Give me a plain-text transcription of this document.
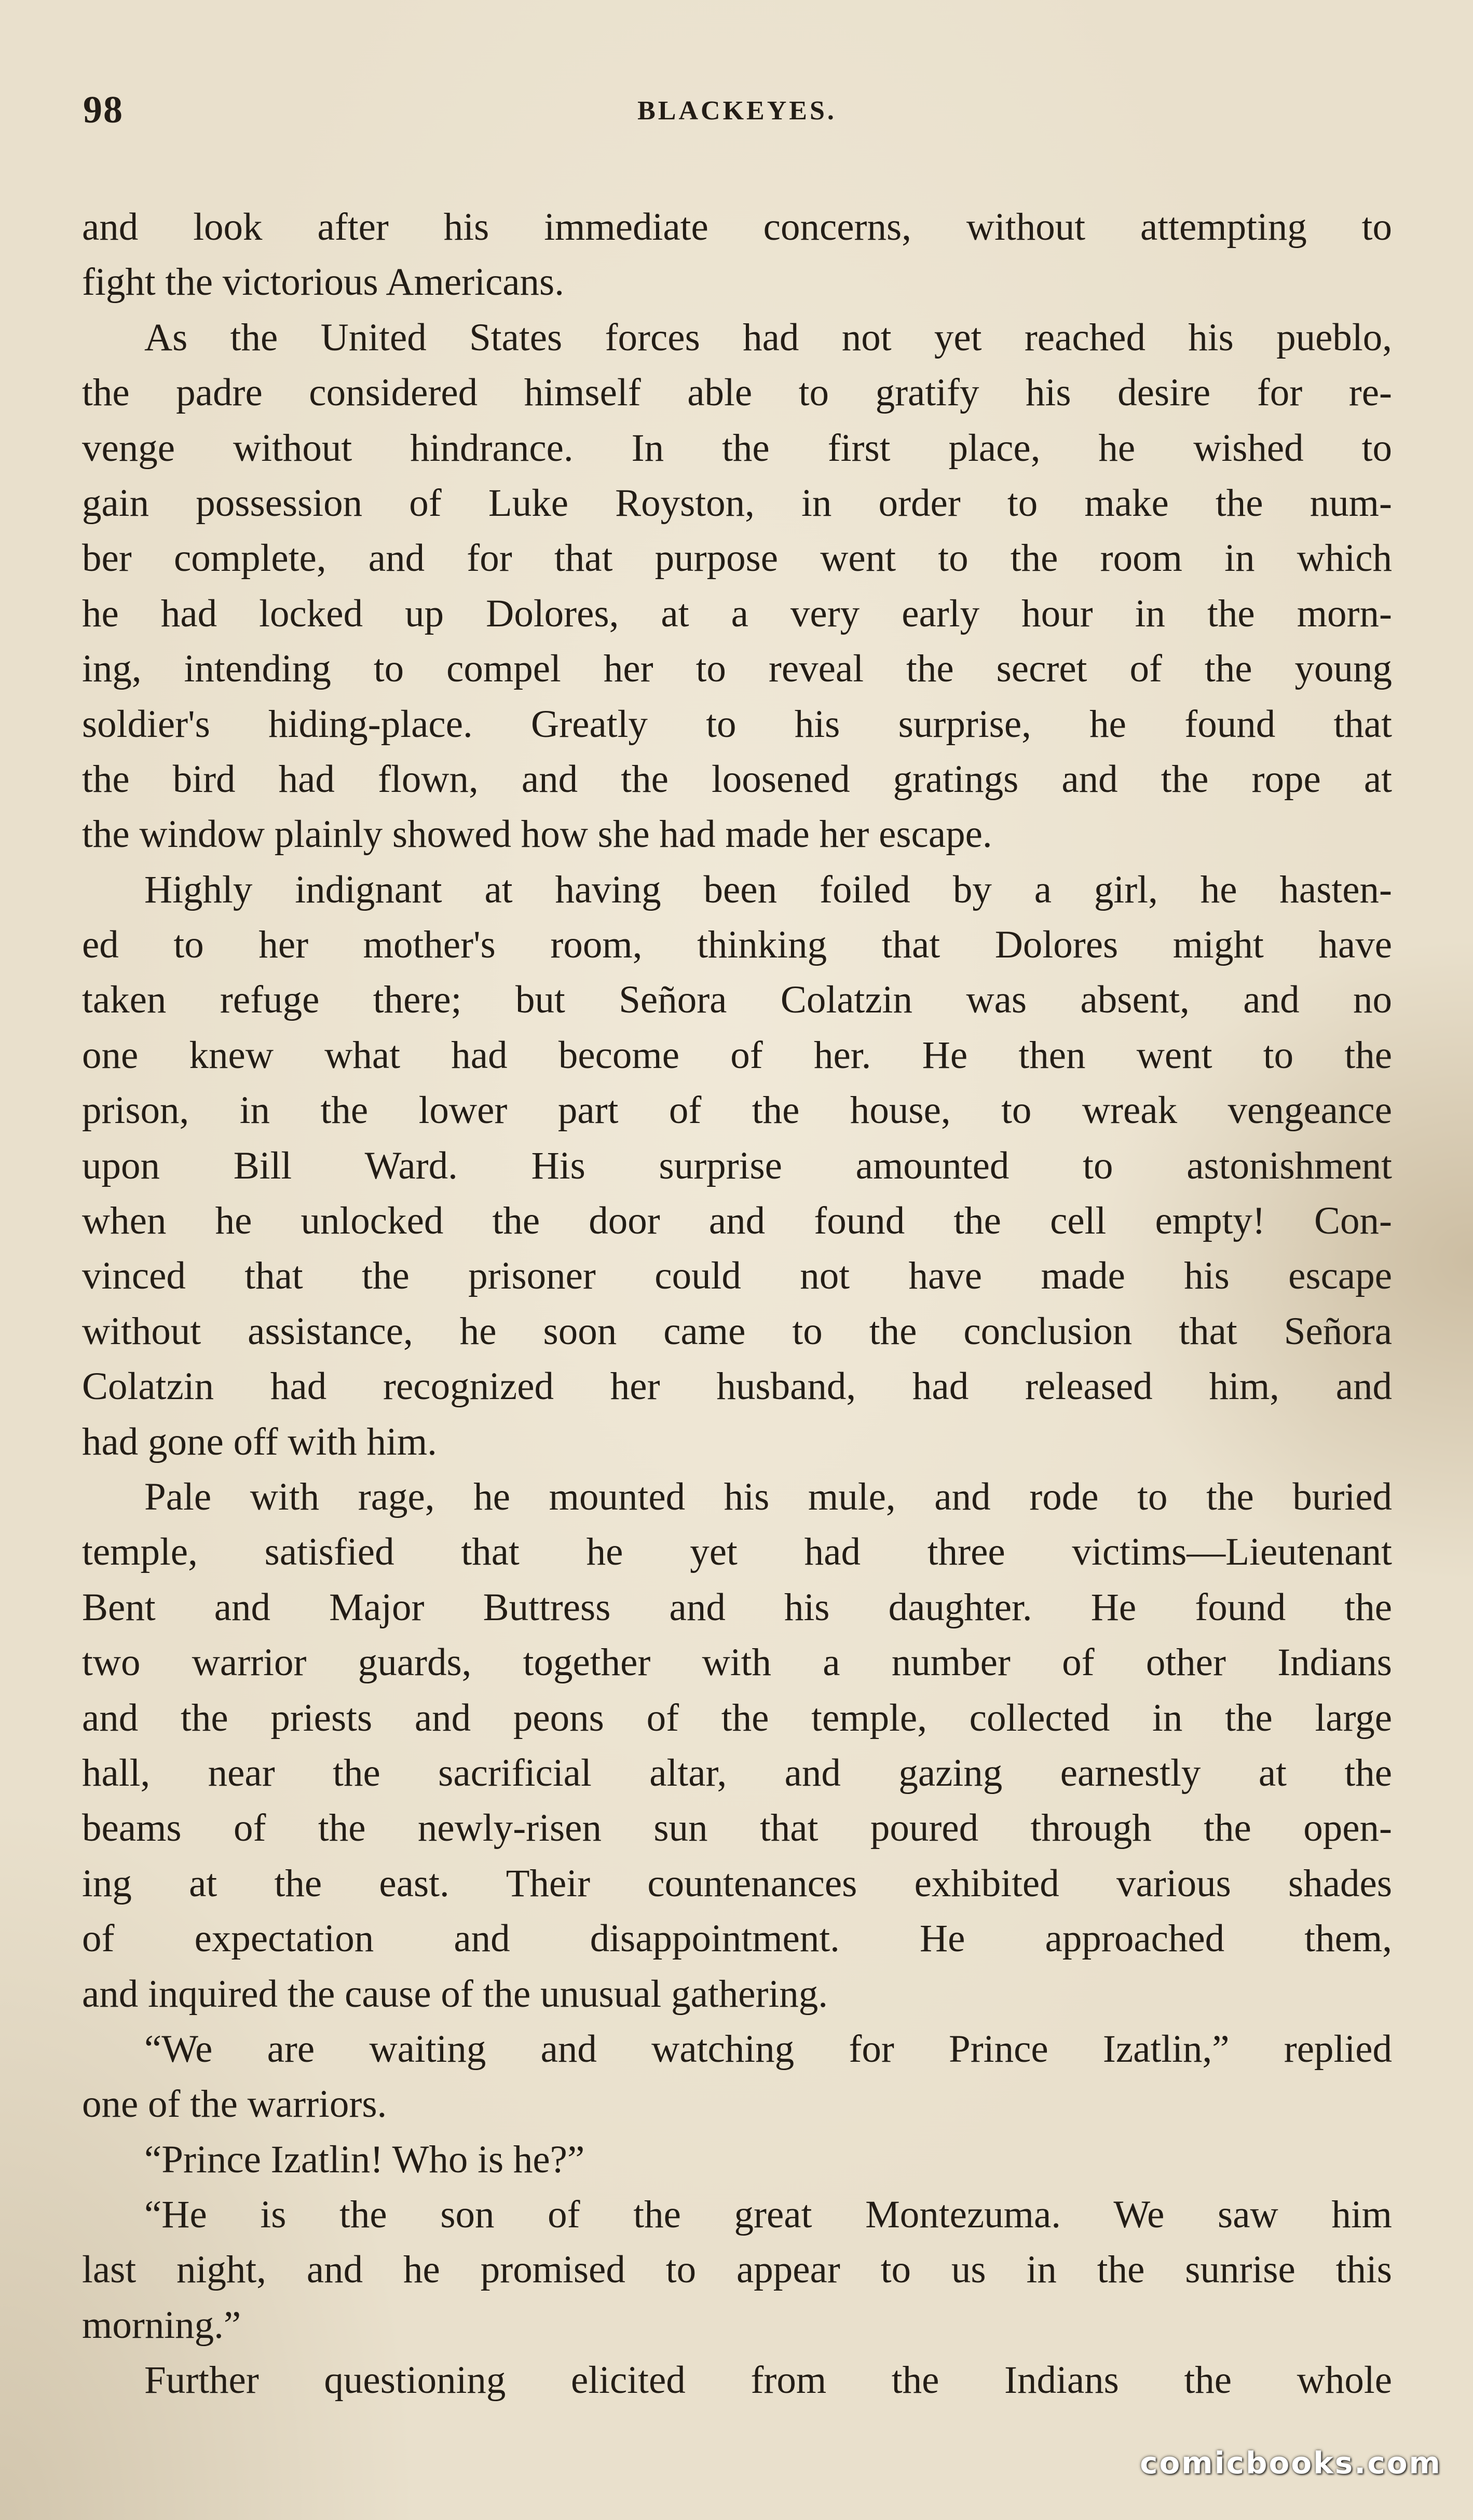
98	BLACKEYES.
and look after his immediate concerns, without attempting to
fight the victorious Americans.
As the United States forces had not yet reached his pueblo,
the padre considered himself able to gratify his desire for re-
venge without hindrance. In the first place, he wished to
gain possession of Luke Royston, in order to make the num-
ber complete, and for that purpose went to the room in which
he had locked up Dolores, at a very early hour in the morn-
ing, intending to compel her to reveal the secret of the young
soldier's hiding-place. Greatly to his surprise, he found that
the bird had flown, and the loosened gratings and the rope at
the window plainly showed how she had made her escape.
Highly indignant at having been foiled by a girl, he hasten-
ed to her mother's room, thinking that Dolores might have
taken refuge there; but Señora Colatzin was absent, and no
one knew what had become of her. He then went to the
prison, in the lower part of the house, to wreak vengeance
upon Bill Ward. His surprise amounted to astonishment
when he unlocked the door and found the cell empty! Con-
vinced that the prisoner could not have made his escape
without assistance, he soon came to the conclusion that Señora
Colatzin had recognized her husband, had released him, and
had gone off with him.
Pale with rage, he mounted his mule, and rode to the buried
temple, satisfied that he yet had three victims—Lieutenant
Bent and Major Buttress and his daughter. He found the
two warrior guards, together with a number of other Indians
and the priests and peons of the temple, collected in the large
hall, near the sacrificial altar, and gazing earnestly at the
beams of the newly-risen sun that poured through the open-
ing at the east. Their countenances exhibited various shades
of expectation and disappointment. He approached them,
and inquired the cause of the unusual gathering.
“We are waiting and watching for Prince Izatlin,” replied
one of the warriors.
“Prince Izatlin! Who is he?”
“He is the son of the great Montezuma. We saw him
last night, and he promised to appear to us in the sunrise this
morning.”
Further questioning elicited from the Indians the whole
comicbooks.com
